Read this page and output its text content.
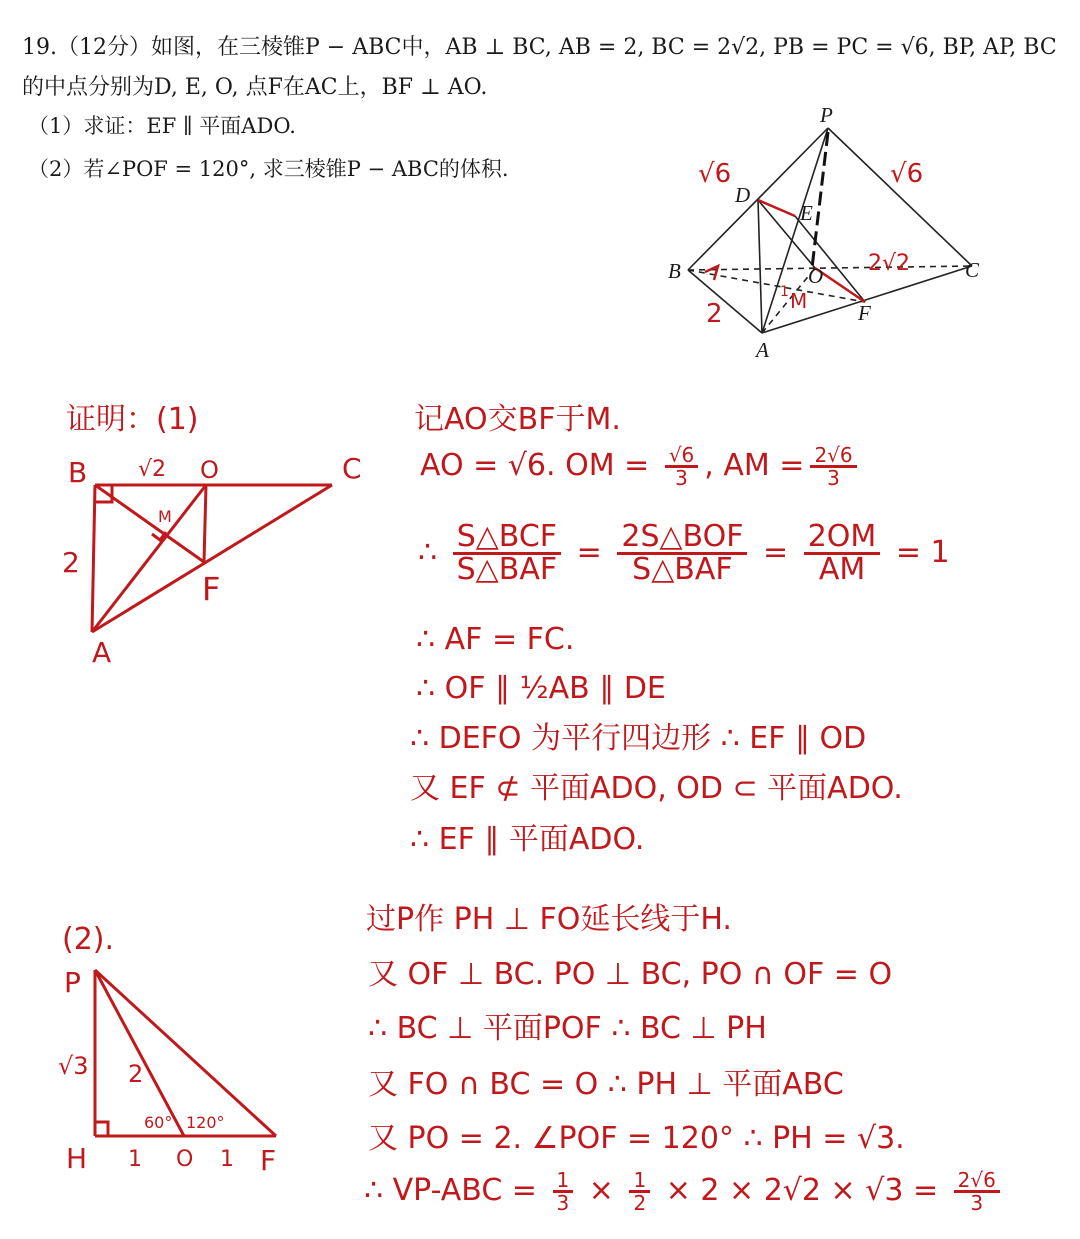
19.（12分）如图，在三棱锥P − ABC中，AB ⊥ BC, AB = 2, BC = 2√2, PB = PC = √6, BP, AP, BC
的中点分别为D, E, O, 点F在AC上，BF ⊥ AO.
（1）求证：EF ∥ 平面ADO.
（2）若∠POF = 120°, 求三棱锥P − ABC的体积.
P
D
E
B	O	C
F
A
√6	√6
2√2
2	M
1
B √2 O	C
2
M
F
A
P
√3 2
60° 120°
H 1 O 1 F
证明：(1)	记AO交BF于M.
AO = √6. OM = $\frac{√6}{3}$ , AM = $\frac{2√6}{3}$
∴ $\frac{\text{S△BCF}}{\text{S△BAF}} = \frac{\text{2S△BOF}}{\text{S△BAF}} = \frac{2OM}{AM} = 1$
∴ AF = FC.
∴ OF ∥ ½AB ∥ DE
∴ DEFO 为平行四边形 ∴ EF ∥ OD
又 EF ⊄ 平面ADO, OD ⊂ 平面ADO.
∴ EF ∥ 平面ADO.
(2).
过P作 PH ⊥ FO延长线于H.
又 OF ⊥ BC. PO ⊥ BC, PO ∩ OF = O
∴ BC ⊥ 平面POF ∴ BC ⊥ PH
又 FO ∩ BC = O ∴ PH ⊥ 平面ABC
又 PO = 2. ∠POF = 120° ∴ PH = √3.
∴ $VP-ABC = \frac{1}{3} \times \frac{1}{2} \times 2 \times 2√2 \times √3 = \frac{2√6}{3}$
